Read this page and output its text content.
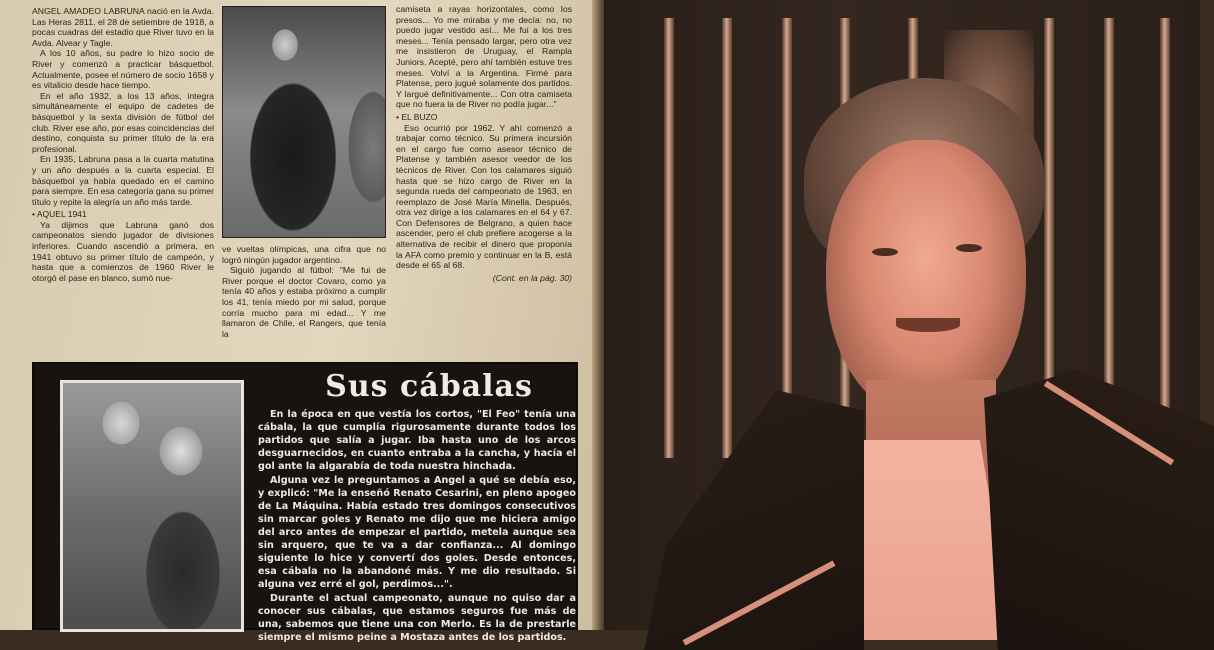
ANGEL AMADEO LABRUNA nació en la Avda. Las Heras 2811, el 28 de setiembre de 1918, a pocas cuadras del estadio que River tuvo en la Avda. Alvear y Tagle.

A los 10 años, su padre lo hizo socio de River y comenzó a practicar básquetbol. Actualmente, posee el número de socio 1658 y es vitalicio desde hace tiempo.

En el año 1932, a los 13 años, integra simultáneamente el equipo de cadetes de básquetbol y la sexta división de fútbol del club. River ese año, por esas coincidencias del destino, conquista su primer título de la era profesional.

En 1935, Labruna pasa a la cuarta matutina y un año después a la cuarta especial. El básquetbol ya había quedado en el camino para siempre. En esa categoría gana su primer título y repite la alegría un año más tarde.

• AQUEL 1941

Ya dijimos que Labruna ganó dos campeonatos siendo jugador de divisiones inferiores. Cuando ascendió a primera, en 1941 obtuvo su primer título de campeón, y hasta que a comienzos de 1960 River le otorgó el pase en blanco, sumó nue-

ve vueltas olímpicas, una cifra que no logró ningún jugador argentino.

Siguió jugando al fútbol: "Me fui de River porque el doctor Covaro, como ya tenía 40 años y estaba próximo a cumplir los 41, tenía miedo por mi salud, porque corría mucho para mi edad... Y me llamaron de Chile, el Rangers, que tenía la

camiseta a rayas horizontales, como los presos... Yo me miraba y me decía: no, no puedo jugar vestido así... Me fui a los tres meses... Tenía pensado largar, pero otra vez me insistieron de Uruguay, el Rampla Juniors. Acepté, pero ahí también estuve tres meses. Volví a la Argentina. Firmé para Platense, pero jugué solamente dos partidos. Y largué definitivamente... Con otra camiseta que no fuera la de River no podía jugar..."

• EL BUZO

Eso ocurrió por 1962. Y ahí comenzó a trabajar como técnico. Su primera incursión en el cargo fue como asesor técnico de Platense y también asesor veedor de los técnicos de River. Con los calamares siguió hasta que se hizo cargo de River en la segunda rueda del campeonato de 1963, en reemplazo de José María Minella. Después, otra vez dirige a los calamares en el 64 y 67. Con Defensores de Belgrano, a quien hace ascender, pero el club prefiere acogerse a la alternativa de recibir el dinero que proponía la AFA como premio y continuar en la B, está desde el 65 al 68.

(Cont. en la pág. 30)

Sus cábalas

En la época en que vestía los cortos, "El Feo" tenía una cábala, la que cumplía rigurosamente durante todos los partidos que salía a jugar. Iba hasta uno de los arcos desguarnecidos, en cuanto entraba a la cancha, y hacía el gol ante la algarabía de toda nuestra hinchada.

Alguna vez le preguntamos a Angel a qué se debía eso, y explicó: "Me la enseñó Renato Cesarini, en pleno apogeo de La Máquina. Había estado tres domingos consecutivos sin marcar goles y Renato me dijo que me hiciera amigo del arco antes de empezar el partido, metela aunque sea sin arquero, que te va a dar confianza... Al domingo siguiente lo hice y convertí dos goles. Desde entonces, esa cábala no la abandoné más. Y me dio resultado. Si alguna vez erré el gol, perdimos...".

Durante el actual campeonato, aunque no quiso dar a conocer sus cábalas, que estamos seguros fue más de una, sabemos que tiene una con Merlo. Es la de prestarle siempre el mismo peine a Mostaza antes de los partidos.
